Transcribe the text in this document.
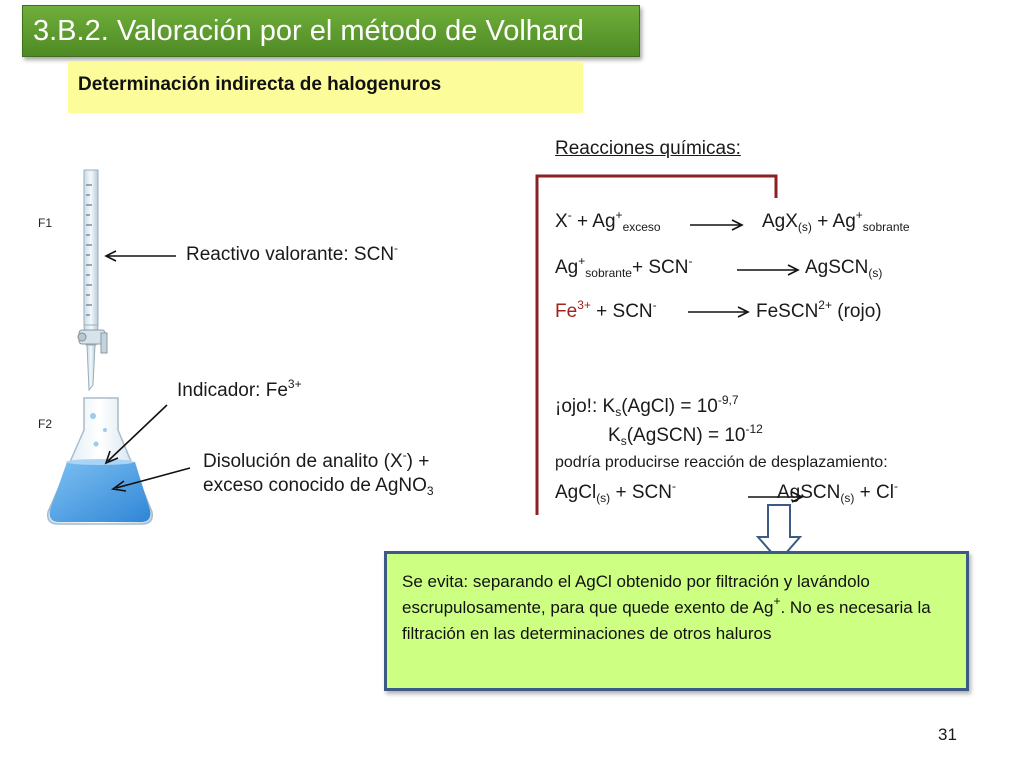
3.B.2. Valoración por el método de Volhard
Determinación indirecta de halogenuros
F1
F2
Reactivo valorante: SCN-
Indicador: $Fe^{3+}$
Disolución de analito (X-) +
exceso conocido de AgNO$_3$
Reacciones químicas:
$X^- + Ag^+_{exceso}$	$AgX_{(s)} + Ag^+_{sobrante}$
$Ag^+_{sobrante}+ SCN^-$	AgSCN$_{(s)}$
$Fe^{3+} + SCN^-$	FeSCN$^{2+}$ (rojo)
¡ojo!: $K_s(AgCl) = 10^{-9,7}$
$K_s(AgSCN) = 10^{-12}$
podría producirse reacción de desplazamiento:
AgCl$_{(s)}$ + SCN-	AgSCN$_{(s)}$ + Cl-
Se evita: separando el AgCl obtenido por filtración y lavándolo escrupulosamente, para que quede exento de Ag+. No es necesaria la filtración en las determinaciones de otros haluros
31
